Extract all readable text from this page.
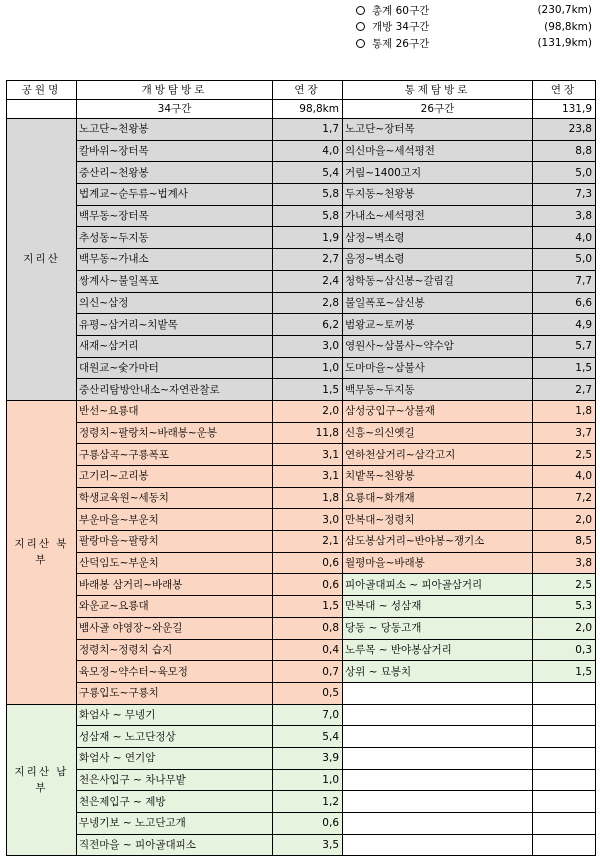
총계 60구간	(230,7km)
개방 34구간	(98,8km)
통제 26구간	(131,9km)
공원명	개방탐방로	연장	통제탐방로	연장
	34구간	98,8km	26구간	131,9
지리산	노고단~천왕봉	1,7	노고단~장터목	23,8
	칼바위~장터목	4,0	의신마을~세석평전	8,8
	중산리~천왕봉	5,4	거림~1400고지	5,0
	법계교~순두류~법계사	5,8	두지동~천왕봉	7,3
	백무동~장터목	5,8	가내소~세석평전	3,8
	추성동~두지동	1,9	삼정~벽소령	4,0
	백무동~가내소	2,7	음정~벽소령	5,0
	쌍계사~불일폭포	2,4	청학동~삼신봉~갈림길	7,7
	의신~삼정	2,8	불일폭포~삼신봉	6,6
	유평~삼거리~치밭목	6,2	범왕교~토끼봉	4,9
	새재~삼거리	3,0	영원사~삼불사~약수암	5,7
	대원교~숯가마터	1,0	도마마을~삼불사	1,5
	중산리탐방안내소~자연관찰로	1,5	백무동~두지동	2,7
지리산 북부	반선~요룡대	2,0	삼성궁입구~상불재	1,8
	정령치~팔랑치~바래봉~운봉	11,8	신흥~의신옛길	3,7
	구룡삼곡~구룡폭포	3,1	연하천삼거리~삼각고지	2,5
	고기리~고리봉	3,1	치밭목~천왕봉	4,0
	학생교육원~세동치	1,8	요룡대~화개재	7,2
	부운마을~부운치	3,0	만복대~정령치	2,0
	팔랑마을~팔랑치	2,1	삼도봉삼거리~반야봉~쟁기소	8,5
	산덕임도~부운치	0,6	월평마을~바래봉	3,8
	바래봉 삼거리~바래봉	0,6	피아골대피소 ~ 피아골삼거리	2,5
	와운교~요룡대	1,5	만복대 ~ 성삼재	5,3
	뱀사골 야영장~와운길	0,8	당동 ~ 당동고개	2,0
	정령치~정령치 습지	0,4	노루목 ~ 반야봉삼거리	0,3
	육모정~약수터~육모정	0,7	상위 ~ 묘봉치	1,5
	구룡입도~구룡치	0,5		
지리산 남부	화엄사 ~ 무넹기	7,0		
	성삼재 ~ 노고단정상	5,4		
	화엄사 ~ 연기암	3,9		
	천은사입구 ~ 차나무밭	1,0		
	천은제입구 ~ 제방	1,2		
	무넹기보 ~ 노고단고개	0,6		
	직전마을 ~ 피아골대피소	3,5		
